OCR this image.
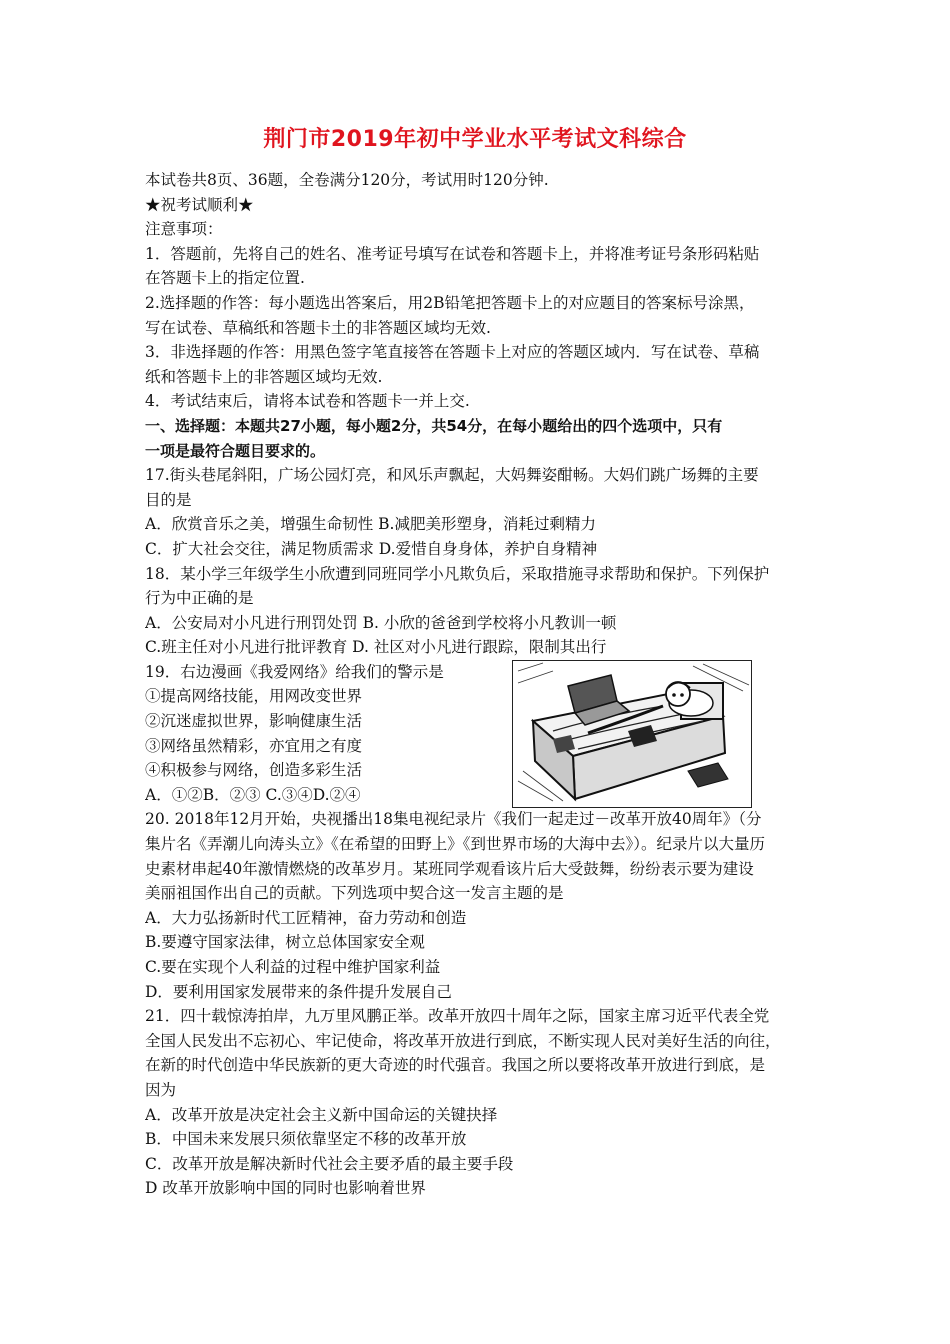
荆门市2019年初中学业水平考试文科综合
本试卷共8页、36题，全卷满分120分，考试用时120分钟.
★祝考试顺利★
注意事项：
1．答题前，先将自己的姓名、准考证号填写在试卷和答题卡上，并将准考证号条形码粘贴
在答题卡上的指定位置.
2.选择题的作答：每小题选出答案后，用2B铅笔把答题卡上的对应题目的答案标号涂黑，
写在试卷、草稿纸和答题卡土的非答题区域均无效.
3．非选择题的作答：用黑色签字笔直接答在答题卡上对应的答题区域内．写在试卷、草稿
纸和答题卡上的非答题区域均无效.
4．考试结束后，请将本试卷和答题卡一并上交.
一、选择题：本题共27小题，每小题2分，共54分，在每小题给出的四个选项中，只有
一项是最符合题目要求的。
17.街头巷尾斜阳，广场公园灯亮，和风乐声飘起，大妈舞姿酣畅。大妈们跳广场舞的主要
目的是
A．欣赏音乐之美，增强生命韧性 B.减肥美形塑身，消耗过剩精力
C．扩大社会交往，满足物质需求 D.爱惜自身身体，养护自身精神
18．某小学三年级学生小欣遭到同班同学小凡欺负后，采取措施寻求帮助和保护。下列保护
行为中正确的是
A．公安局对小凡进行刑罚处罚 B. 小欣的爸爸到学校将小凡教训一顿
C.班主任对小凡进行批评教育 D. 社区对小凡进行跟踪，限制其出行
19．右边漫画《我爱网络》给我们的警示是
①提高网络技能，用网改变世界
②沉迷虚拟世界，影响健康生活
③网络虽然精彩，亦宜用之有度
④积极参与网络，创造多彩生活
A．①②B．②③ C.③④D.②④
20. 2018年12月开始，央视播出18集电视纪录片《我们一起走过－改革开放40周年》（分
集片名《弄潮儿向涛头立》《在希望的田野上》《到世界市场的大海中去》）。纪录片以大量历
史素材串起40年激情燃烧的改革岁月。某班同学观看该片后大受鼓舞，纷纷表示要为建设
美丽祖国作出自己的贡献。下列选项中契合这一发言主题的是
A．大力弘扬新时代工匠精神，奋力劳动和创造
B.要遵守国家法律，树立总体国家安全观
C.要在实现个人利益的过程中维护国家利益
D．要利用国家发展带来的条件提升发展自己
21．四十载惊涛拍岸，九万里风鹏正举。改革开放四十周年之际，国家主席习近平代表全党
全国人民发出不忘初心、牢记使命，将改革开放进行到底，不断实现人民对美好生活的向往，
在新的时代创造中华民族新的更大奇迹的时代强音。我国之所以要将改革开放进行到底，是
因为
A．改革开放是决定社会主义新中国命运的关键抉择
B．中国未来发展只须依靠坚定不移的改革开放
C．改革开放是解决新时代社会主要矛盾的最主要手段
D 改革开放影响中国的同时也影响着世界
